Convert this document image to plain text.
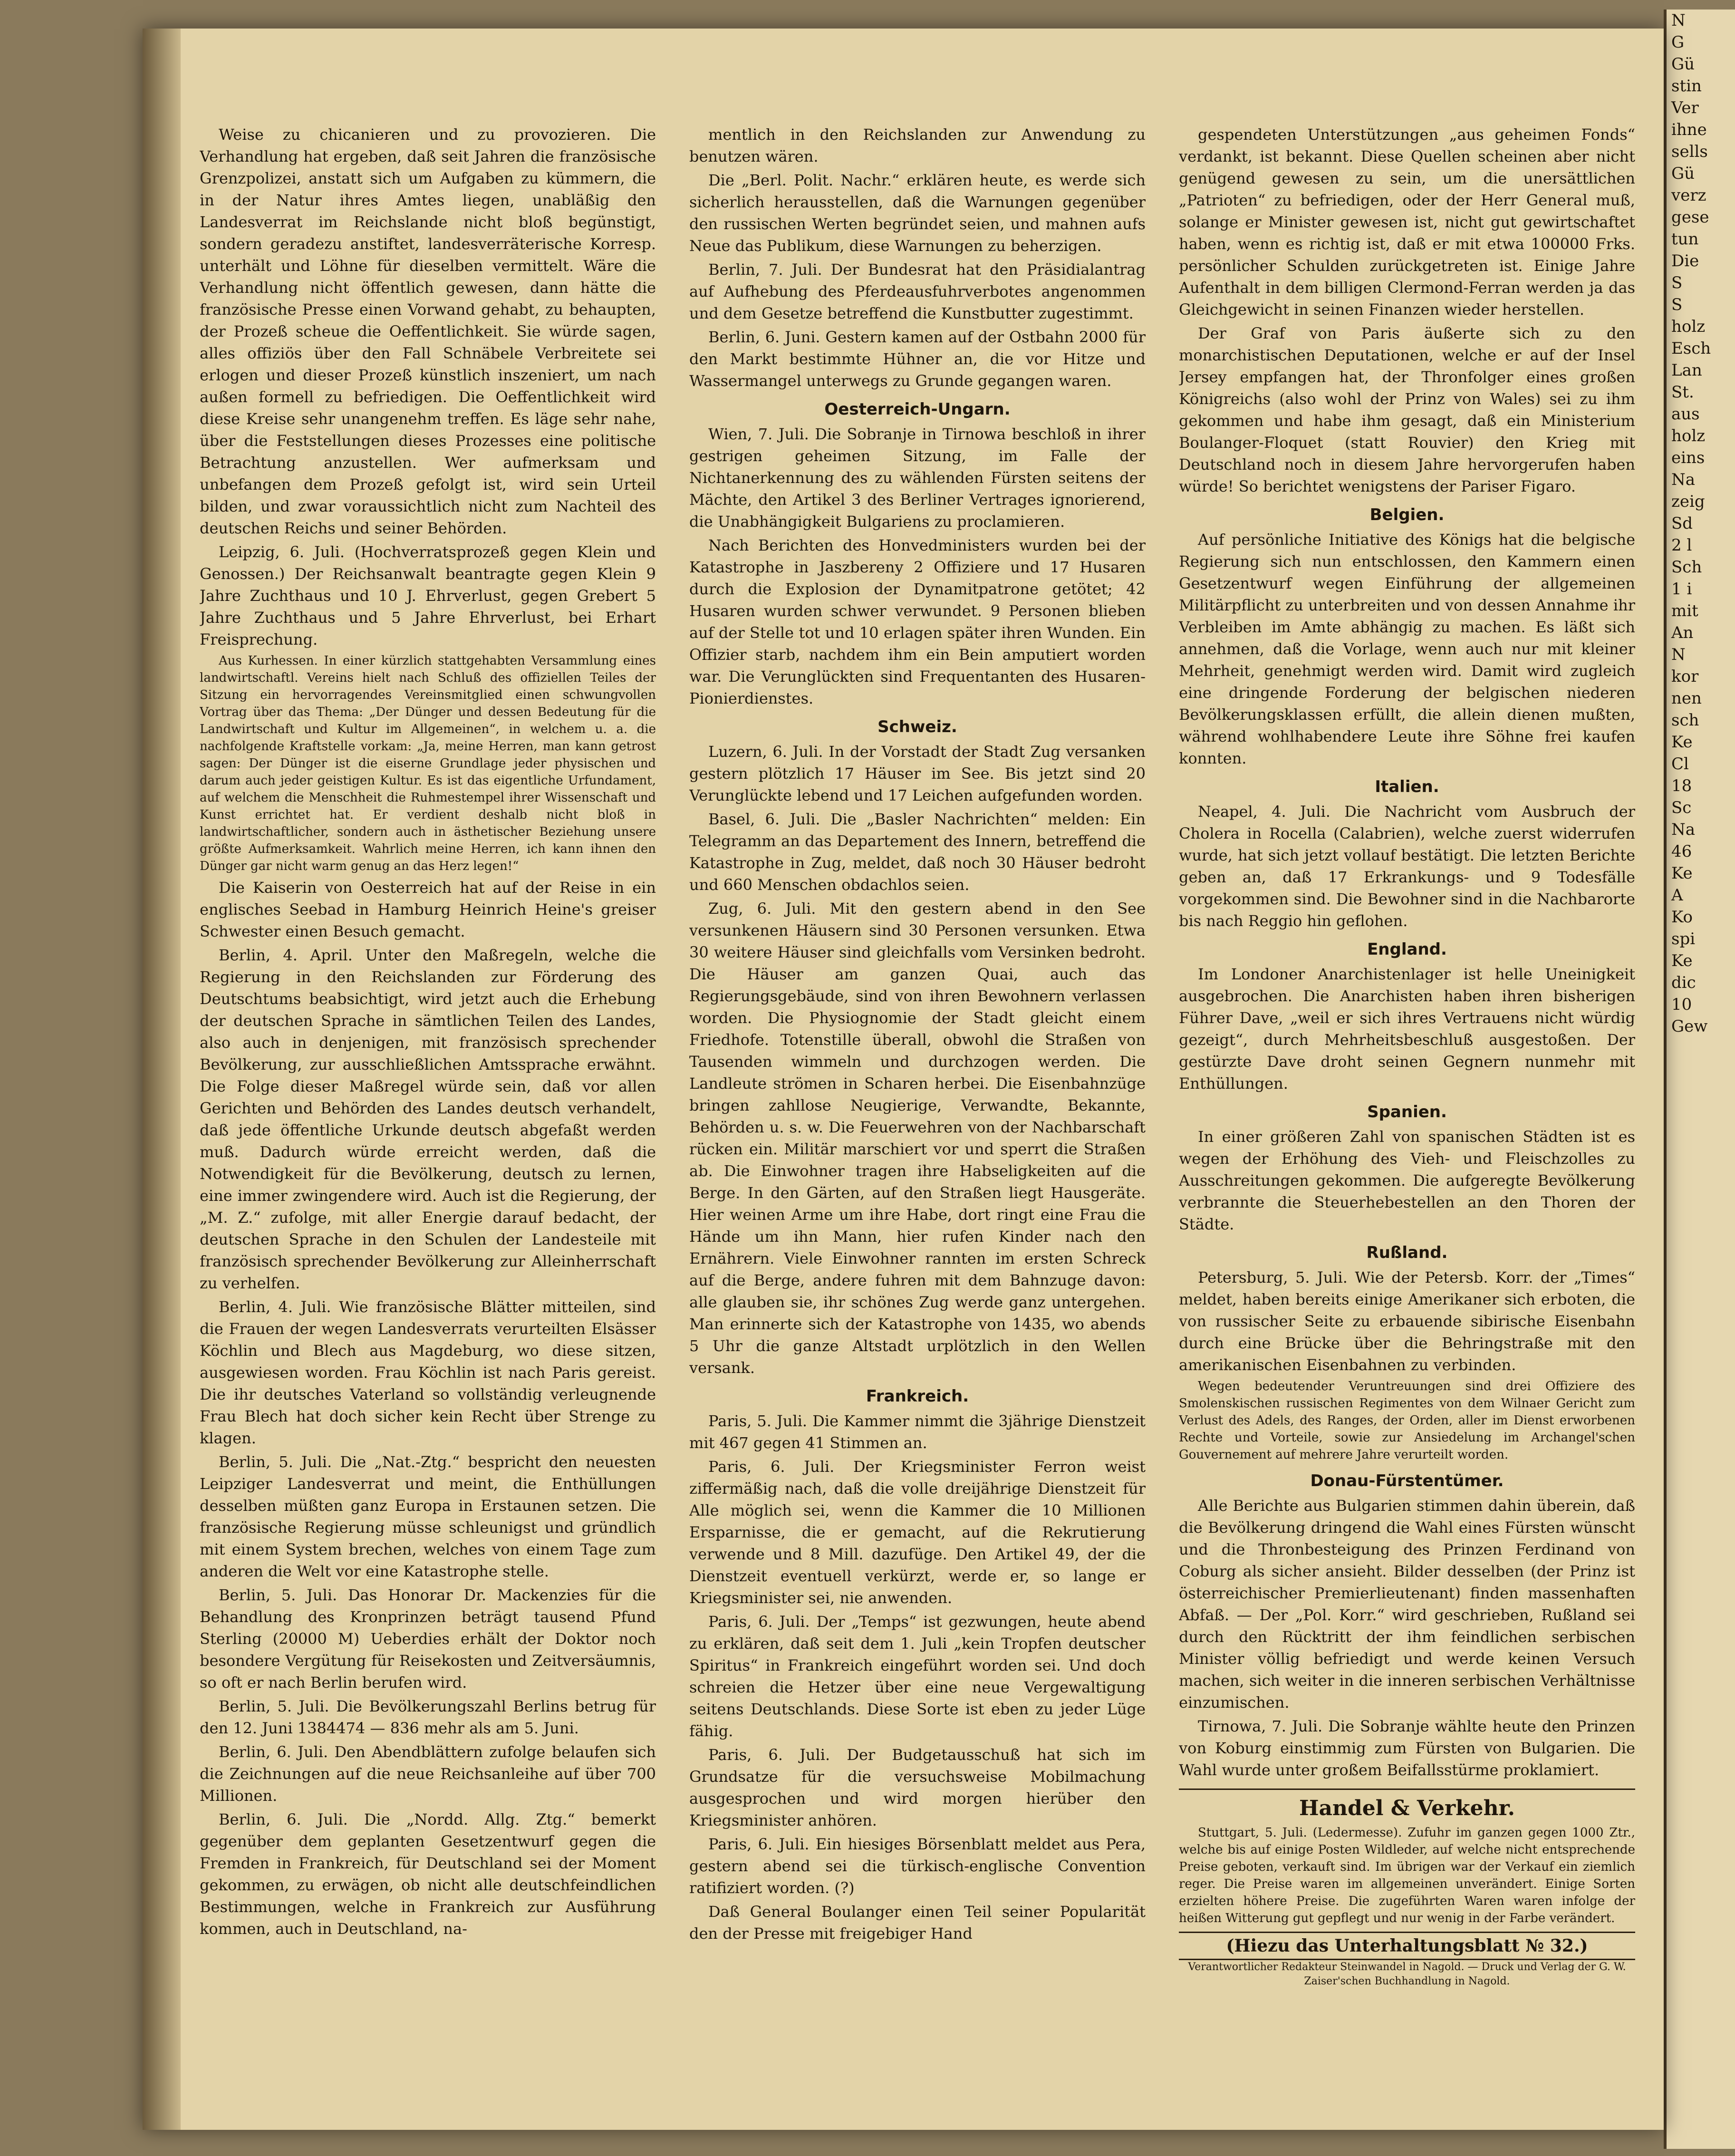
N
G
Gü
stin
Ver
ihne
sells
Gü
verz
gese
tun
Die
S
S
holz
Esch
Lan
St.
aus
holz
eins
Na
zeig
Sd
2 l
Sch
1 i
mit
An
N
kor
nen
sch
Ke
Cl
18
Sc
Na
46
Ke
A
Ko
spi
Ke
dic
10
Gew

Weise zu chicanieren und zu provozieren. Die Verhandlung hat ergeben, daß seit Jahren die französische Grenzpolizei, anstatt sich um Aufgaben zu kümmern, die in der Natur ihres Amtes liegen, unabläßig den Landesverrat im Reichslande nicht bloß begünstigt, sondern geradezu anstiftet, landesverräterische Korresp. unterhält und Löhne für dieselben vermittelt. Wäre die Verhandlung nicht öffentlich gewesen, dann hätte die französische Presse einen Vorwand gehabt, zu behaupten, der Prozeß scheue die Oeffentlichkeit. Sie würde sagen, alles offiziös über den Fall Schnäbele Verbreitete sei erlogen und dieser Prozeß künstlich inszeniert, um nach außen formell zu befriedigen. Die Oeffentlichkeit wird diese Kreise sehr unangenehm treffen. Es läge sehr nahe, über die Feststellungen dieses Prozesses eine politische Betrachtung anzustellen. Wer aufmerksam und unbefangen dem Prozeß gefolgt ist, wird sein Urteil bilden, und zwar voraussichtlich nicht zum Nachteil des deutschen Reichs und seiner Behörden.

Leipzig, 6. Juli. (Hochverratsprozeß gegen Klein und Genossen.) Der Reichsanwalt beantragte gegen Klein 9 Jahre Zuchthaus und 10 J. Ehrverlust, gegen Grebert 5 Jahre Zuchthaus und 5 Jahre Ehrverlust, bei Erhart Freisprechung.

Aus Kurhessen. In einer kürzlich stattgehabten Versammlung eines landwirtschaftl. Vereins hielt nach Schluß des offiziellen Teiles der Sitzung ein hervorragendes Vereinsmitglied einen schwungvollen Vortrag über das Thema: „Der Dünger und dessen Bedeutung für die Landwirtschaft und Kultur im Allgemeinen“, in welchem u. a. die nachfolgende Kraftstelle vorkam: „Ja, meine Herren, man kann getrost sagen: Der Dünger ist die eiserne Grundlage jeder physischen und darum auch jeder geistigen Kultur. Es ist das eigentliche Urfundament, auf welchem die Menschheit die Ruhmestempel ihrer Wissenschaft und Kunst errichtet hat. Er verdient deshalb nicht bloß in landwirtschaftlicher, sondern auch in ästhetischer Beziehung unsere größte Aufmerksamkeit. Wahrlich meine Herren, ich kann ihnen den Dünger gar nicht warm genug an das Herz legen!“

Die Kaiserin von Oesterreich hat auf der Reise in ein englisches Seebad in Hamburg Heinrich Heine's greiser Schwester einen Besuch gemacht.

Berlin, 4. April. Unter den Maßregeln, welche die Regierung in den Reichslanden zur Förderung des Deutschtums beabsichtigt, wird jetzt auch die Erhebung der deutschen Sprache in sämtlichen Teilen des Landes, also auch in denjenigen, mit französisch sprechender Bevölkerung, zur ausschließlichen Amtssprache erwähnt. Die Folge dieser Maßregel würde sein, daß vor allen Gerichten und Behörden des Landes deutsch verhandelt, daß jede öffentliche Urkunde deutsch abgefaßt werden muß. Dadurch würde erreicht werden, daß die Notwendigkeit für die Bevölkerung, deutsch zu lernen, eine immer zwingendere wird. Auch ist die Regierung, der „M. Z.“ zufolge, mit aller Energie darauf bedacht, der deutschen Sprache in den Schulen der Landesteile mit französisch sprechender Bevölkerung zur Alleinherrschaft zu verhelfen.

Berlin, 4. Juli. Wie französische Blätter mitteilen, sind die Frauen der wegen Landesverrats verurteilten Elsässer Köchlin und Blech aus Magdeburg, wo diese sitzen, ausgewiesen worden. Frau Köchlin ist nach Paris gereist. Die ihr deutsches Vaterland so vollständig verleugnende Frau Blech hat doch sicher kein Recht über Strenge zu klagen.

Berlin, 5. Juli. Die „Nat.-Ztg.“ bespricht den neuesten Leipziger Landesverrat und meint, die Enthüllungen desselben müßten ganz Europa in Erstaunen setzen. Die französische Regierung müsse schleunigst und gründlich mit einem System brechen, welches von einem Tage zum anderen die Welt vor eine Katastrophe stelle.

Berlin, 5. Juli. Das Honorar Dr. Mackenzies für die Behandlung des Kronprinzen beträgt tausend Pfund Sterling (20000 M) Ueberdies erhält der Doktor noch besondere Vergütung für Reisekosten und Zeitversäumnis, so oft er nach Berlin berufen wird.

Berlin, 5. Juli. Die Bevölkerungszahl Berlins betrug für den 12. Juni 1384474 — 836 mehr als am 5. Juni.

Berlin, 6. Juli. Den Abendblättern zufolge belaufen sich die Zeichnungen auf die neue Reichsanleihe auf über 700 Millionen.

Berlin, 6. Juli. Die „Nordd. Allg. Ztg.“ bemerkt gegenüber dem geplanten Gesetzentwurf gegen die Fremden in Frankreich, für Deutschland sei der Moment gekommen, zu erwägen, ob nicht alle deutschfeindlichen Bestimmungen, welche in Frankreich zur Ausführung kommen, auch in Deutschland, na-

mentlich in den Reichslanden zur Anwendung zu benutzen wären.

Die „Berl. Polit. Nachr.“ erklären heute, es werde sich sicherlich herausstellen, daß die Warnungen gegenüber den russischen Werten begründet seien, und mahnen aufs Neue das Publikum, diese Warnungen zu beherzigen.

Berlin, 7. Juli. Der Bundesrat hat den Präsidialantrag auf Aufhebung des Pferdeausfuhrverbotes angenommen und dem Gesetze betreffend die Kunstbutter zugestimmt.

Berlin, 6. Juni. Gestern kamen auf der Ostbahn 2000 für den Markt bestimmte Hühner an, die vor Hitze und Wassermangel unterwegs zu Grunde gegangen waren.

Oesterreich-Ungarn.

Wien, 7. Juli. Die Sobranje in Tirnowa beschloß in ihrer gestrigen geheimen Sitzung, im Falle der Nichtanerkennung des zu wählenden Fürsten seitens der Mächte, den Artikel 3 des Berliner Vertrages ignorierend, die Unabhängigkeit Bulgariens zu proclamieren.

Nach Berichten des Honvedministers wurden bei der Katastrophe in Jaszbereny 2 Offiziere und 17 Husaren durch die Explosion der Dynamitpatrone getötet; 42 Husaren wurden schwer verwundet. 9 Personen blieben auf der Stelle tot und 10 erlagen später ihren Wunden. Ein Offizier starb, nachdem ihm ein Bein amputiert worden war. Die Verunglückten sind Frequentanten des Husaren-Pionierdienstes.

Schweiz.

Luzern, 6. Juli. In der Vorstadt der Stadt Zug versanken gestern plötzlich 17 Häuser im See. Bis jetzt sind 20 Verunglückte lebend und 17 Leichen aufgefunden worden.

Basel, 6. Juli. Die „Basler Nachrichten“ melden: Ein Telegramm an das Departement des Innern, betreffend die Katastrophe in Zug, meldet, daß noch 30 Häuser bedroht und 660 Menschen obdachlos seien.

Zug, 6. Juli. Mit den gestern abend in den See versunkenen Häusern sind 30 Personen versunken. Etwa 30 weitere Häuser sind gleichfalls vom Versinken bedroht. Die Häuser am ganzen Quai, auch das Regierungsgebäude, sind von ihren Bewohnern verlassen worden. Die Physiognomie der Stadt gleicht einem Friedhofe. Totenstille überall, obwohl die Straßen von Tausenden wimmeln und durchzogen werden. Die Landleute strömen in Scharen herbei. Die Eisenbahnzüge bringen zahllose Neugierige, Verwandte, Bekannte, Behörden u. s. w. Die Feuerwehren von der Nachbarschaft rücken ein. Militär marschiert vor und sperrt die Straßen ab. Die Einwohner tragen ihre Habseligkeiten auf die Berge. In den Gärten, auf den Straßen liegt Hausgeräte. Hier weinen Arme um ihre Habe, dort ringt eine Frau die Hände um ihn Mann, hier rufen Kinder nach den Ernährern. Viele Einwohner rannten im ersten Schreck auf die Berge, andere fuhren mit dem Bahnzuge davon: alle glauben sie, ihr schönes Zug werde ganz untergehen. Man erinnerte sich der Katastrophe von 1435, wo abends 5 Uhr die ganze Altstadt urplötzlich in den Wellen versank.

Frankreich.

Paris, 5. Juli. Die Kammer nimmt die 3jährige Dienstzeit mit 467 gegen 41 Stimmen an.

Paris, 6. Juli. Der Kriegsminister Ferron weist ziffermäßig nach, daß die volle dreijährige Dienstzeit für Alle möglich sei, wenn die Kammer die 10 Millionen Ersparnisse, die er gemacht, auf die Rekrutierung verwende und 8 Mill. dazufüge. Den Artikel 49, der die Dienstzeit eventuell verkürzt, werde er, so lange er Kriegsminister sei, nie anwenden.

Paris, 6. Juli. Der „Temps“ ist gezwungen, heute abend zu erklären, daß seit dem 1. Juli „kein Tropfen deutscher Spiritus“ in Frankreich eingeführt worden sei. Und doch schreien die Hetzer über eine neue Vergewaltigung seitens Deutschlands. Diese Sorte ist eben zu jeder Lüge fähig.

Paris, 6. Juli. Der Budgetausschuß hat sich im Grundsatze für die versuchsweise Mobilmachung ausgesprochen und wird morgen hierüber den Kriegsminister anhören.

Paris, 6. Juli. Ein hiesiges Börsenblatt meldet aus Pera, gestern abend sei die türkisch-englische Convention ratifiziert worden. (?)

Daß General Boulanger einen Teil seiner Popularität den der Presse mit freigebiger Hand

gespendeten Unterstützungen „aus geheimen Fonds“ verdankt, ist bekannt. Diese Quellen scheinen aber nicht genügend gewesen zu sein, um die unersättlichen „Patrioten“ zu befriedigen, oder der Herr General muß, solange er Minister gewesen ist, nicht gut gewirtschaftet haben, wenn es richtig ist, daß er mit etwa 100000 Frks. persönlicher Schulden zurückgetreten ist. Einige Jahre Aufenthalt in dem billigen Clermond-Ferran werden ja das Gleichgewicht in seinen Finanzen wieder herstellen.

Der Graf von Paris äußerte sich zu den monarchistischen Deputationen, welche er auf der Insel Jersey empfangen hat, der Thronfolger eines großen Königreichs (also wohl der Prinz von Wales) sei zu ihm gekommen und habe ihm gesagt, daß ein Ministerium Boulanger-Floquet (statt Rouvier) den Krieg mit Deutschland noch in diesem Jahre hervorgerufen haben würde! So berichtet wenigstens der Pariser Figaro.

Belgien.

Auf persönliche Initiative des Königs hat die belgische Regierung sich nun entschlossen, den Kammern einen Gesetzentwurf wegen Einführung der allgemeinen Militärpflicht zu unterbreiten und von dessen Annahme ihr Verbleiben im Amte abhängig zu machen. Es läßt sich annehmen, daß die Vorlage, wenn auch nur mit kleiner Mehrheit, genehmigt werden wird. Damit wird zugleich eine dringende Forderung der belgischen niederen Bevölkerungsklassen erfüllt, die allein dienen mußten, während wohlhabendere Leute ihre Söhne frei kaufen konnten.

Italien.

Neapel, 4. Juli. Die Nachricht vom Ausbruch der Cholera in Rocella (Calabrien), welche zuerst widerrufen wurde, hat sich jetzt vollauf bestätigt. Die letzten Berichte geben an, daß 17 Erkrankungs- und 9 Todesfälle vorgekommen sind. Die Bewohner sind in die Nachbarorte bis nach Reggio hin geflohen.

England.

Im Londoner Anarchistenlager ist helle Uneinigkeit ausgebrochen. Die Anarchisten haben ihren bisherigen Führer Dave, „weil er sich ihres Vertrauens nicht würdig gezeigt“, durch Mehrheitsbeschluß ausgestoßen. Der gestürzte Dave droht seinen Gegnern nunmehr mit Enthüllungen.

Spanien.

In einer größeren Zahl von spanischen Städten ist es wegen der Erhöhung des Vieh- und Fleischzolles zu Ausschreitungen gekommen. Die aufgeregte Bevölkerung verbrannte die Steuerhebestellen an den Thoren der Städte.

Rußland.

Petersburg, 5. Juli. Wie der Petersb. Korr. der „Times“ meldet, haben bereits einige Amerikaner sich erboten, die von russischer Seite zu erbauende sibirische Eisenbahn durch eine Brücke über die Behringstraße mit den amerikanischen Eisenbahnen zu verbinden.

Wegen bedeutender Veruntreuungen sind drei Offiziere des Smolenskischen russischen Regimentes von dem Wilnaer Gericht zum Verlust des Adels, des Ranges, der Orden, aller im Dienst erworbenen Rechte und Vorteile, sowie zur Ansiedelung im Archangel'schen Gouvernement auf mehrere Jahre verurteilt worden.

Donau-Fürstentümer.

Alle Berichte aus Bulgarien stimmen dahin überein, daß die Bevölkerung dringend die Wahl eines Fürsten wünscht und die Thronbesteigung des Prinzen Ferdinand von Coburg als sicher ansieht. Bilder desselben (der Prinz ist österreichischer Premierlieutenant) finden massenhaften Abfaß. — Der „Pol. Korr.“ wird geschrieben, Rußland sei durch den Rücktritt der ihm feindlichen serbischen Minister völlig befriedigt und werde keinen Versuch machen, sich weiter in die inneren serbischen Verhältnisse einzumischen.

Tirnowa, 7. Juli. Die Sobranje wählte heute den Prinzen von Koburg einstimmig zum Fürsten von Bulgarien. Die Wahl wurde unter großem Beifallsstürme proklamiert.

Handel & Verkehr.

Stuttgart, 5. Juli. (Ledermesse). Zufuhr im ganzen gegen 1000 Ztr., welche bis auf einige Posten Wildleder, auf welche nicht entsprechende Preise geboten, verkauft sind. Im übrigen war der Verkauf ein ziemlich reger. Die Preise waren im allgemeinen unverändert. Einige Sorten erzielten höhere Preise. Die zugeführten Waren waren infolge der heißen Witterung gut gepflegt und nur wenig in der Farbe verändert.

(Hiezu das Unterhaltungsblatt № 32.)
Verantwortlicher Redakteur Steinwandel in Nagold. — Druck und Verlag der G. W. Zaiser'schen Buchhandlung in Nagold.
